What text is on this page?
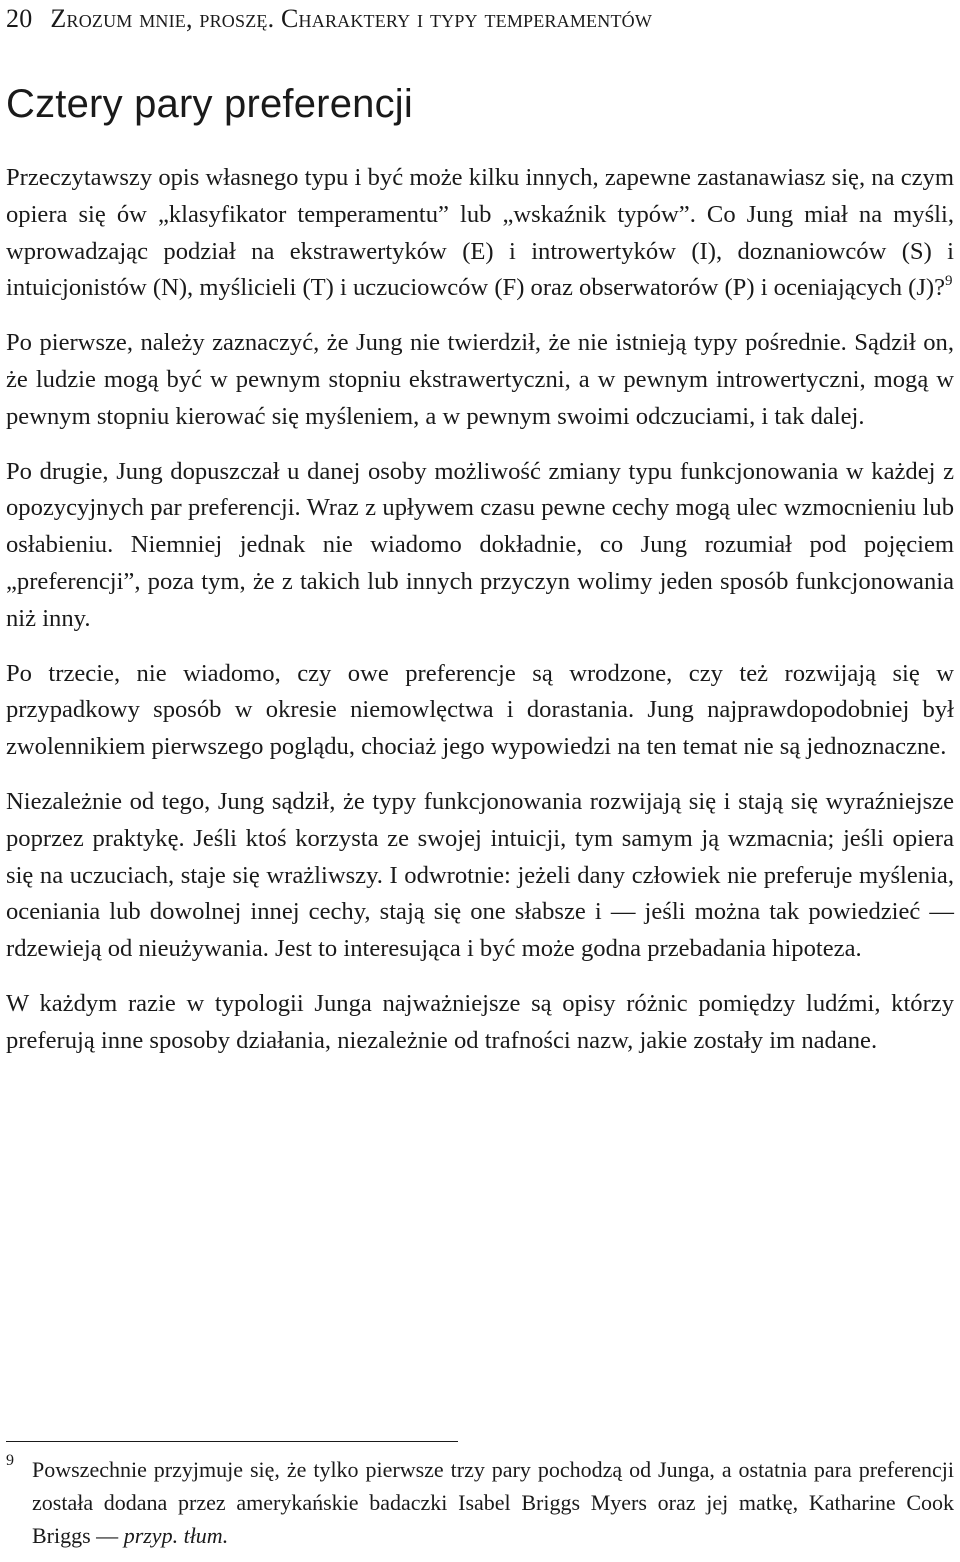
20 Zrozum mnie, proszę. Charaktery i typy temperamentów
Cztery pary preferencji

Przeczytawszy opis własnego typu i być może kilku innych, zapewne zastanawiasz się, na czym opiera się ów „klasyfikator temperamentu” lub „wskaźnik typów”. Co Jung miał na myśli, wprowadzając podział na ekstrawertyków (E) i introwertyków (I), doznaniowców (S) i intuicjonistów (N), myślicieli (T) i uczuciowców (F) oraz obserwatorów (P) i oceniających (J)?$^9$

Po pierwsze, należy zaznaczyć, że Jung nie twierdził, że nie istnieją typy pośrednie. Sądził on, że ludzie mogą być w pewnym stopniu ekstrawertyczni, a w pewnym introwertyczni, mogą w pewnym stopniu kierować się myśleniem, a w pewnym swoimi odczuciami, i tak dalej.

Po drugie, Jung dopuszczał u danej osoby możliwość zmiany typu funkcjonowania w każdej z opozycyjnych par preferencji. Wraz z upływem czasu pewne cechy mogą ulec wzmocnieniu lub osłabieniu. Niemniej jednak nie wiadomo dokładnie, co Jung rozumiał pod pojęciem „preferencji”, poza tym, że z takich lub innych przyczyn wolimy jeden sposób funkcjonowania niż inny.

Po trzecie, nie wiadomo, czy owe preferencje są wrodzone, czy też rozwijają się w przypadkowy sposób w okresie niemowlęctwa i dorastania. Jung najprawdopodobniej był zwolennikiem pierwszego poglądu, chociaż jego wypowiedzi na ten temat nie są jednoznaczne.

Niezależnie od tego, Jung sądził, że typy funkcjonowania rozwijają się i stają się wyraźniejsze poprzez praktykę. Jeśli ktoś korzysta ze swojej intuicji, tym samym ją wzmacnia; jeśli opiera się na uczuciach, staje się wrażliwszy. I odwrotnie: jeżeli dany człowiek nie preferuje myślenia, oceniania lub dowolnej innej cechy, stają się one słabsze i — jeśli można tak powiedzieć — rdzewieją od nieużywania. Jest to interesująca i być może godna przebadania hipoteza.

W każdym razie w typologii Junga najważniejsze są opisy różnic pomiędzy ludźmi, którzy preferują inne sposoby działania, niezależnie od trafności nazw, jakie zostały im nadane.

9 Powszechnie przyjmuje się, że tylko pierwsze trzy pary pochodzą od Junga, a ostatnia para preferencji została dodana przez amerykańskie badaczki Isabel Briggs Myers oraz jej matkę, Katharine Cook Briggs — przyp. tłum.
